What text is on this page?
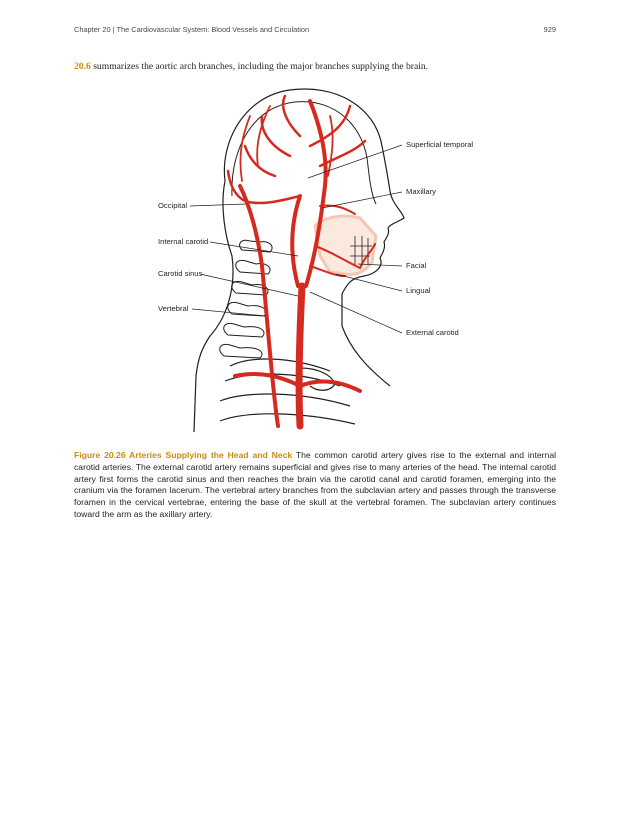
Chapter 20 | The Cardiovascular System: Blood Vessels and Circulation	929
20.6 summarizes the aortic arch branches, including the major branches supplying the brain.
Superficial temporal
Maxillary
Occipital
Internal carotid
Carotid sinus
Facial
Lingual
Vertebral
External carotid
Figure 20.26 Arteries Supplying the Head and Neck The common carotid artery gives rise to the external and internal carotid arteries. The external carotid artery remains superficial and gives rise to many arteries of the head. The internal carotid artery first forms the carotid sinus and then reaches the brain via the carotid canal and carotid foramen, emerging into the cranium via the foramen lacerum. The vertebral artery branches from the subclavian artery and passes through the transverse foramen in the cervical vertebrae, entering the base of the skull at the vertebral foramen. The subclavian artery continues toward the arm as the axillary artery.
